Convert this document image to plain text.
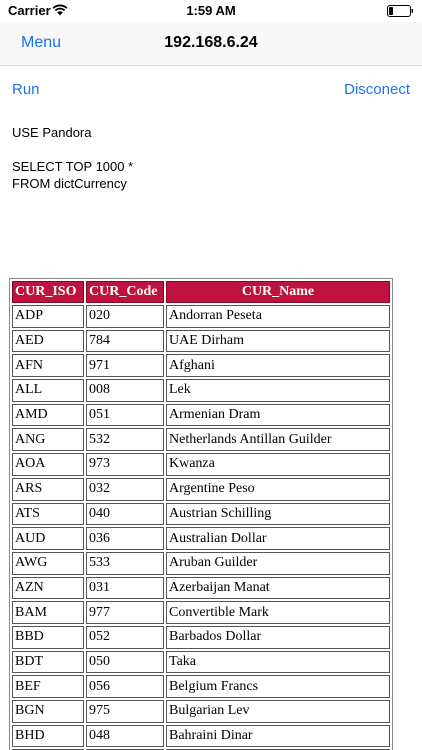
Carrier	1:59 AM
Menu	192.168.6.24
Run	Disconect
USE Pandora SELECT TOP 1000 * FROM dictCurrency
CUR_ISO	CUR_Code	CUR_Name
ADP	020	Andorran Peseta
AED	784	UAE Dirham
AFN	971	Afghani
ALL	008	Lek
AMD	051	Armenian Dram
ANG	532	Netherlands Antillan Guilder
AOA	973	Kwanza
ARS	032	Argentine Peso
ATS	040	Austrian Schilling
AUD	036	Australian Dollar
AWG	533	Aruban Guilder
AZN	031	Azerbaijan Manat
BAM	977	Convertible Mark
BBD	052	Barbados Dollar
BDT	050	Taka
BEF	056	Belgium Francs
BGN	975	Bulgarian Lev
BHD	048	Bahraini Dinar
